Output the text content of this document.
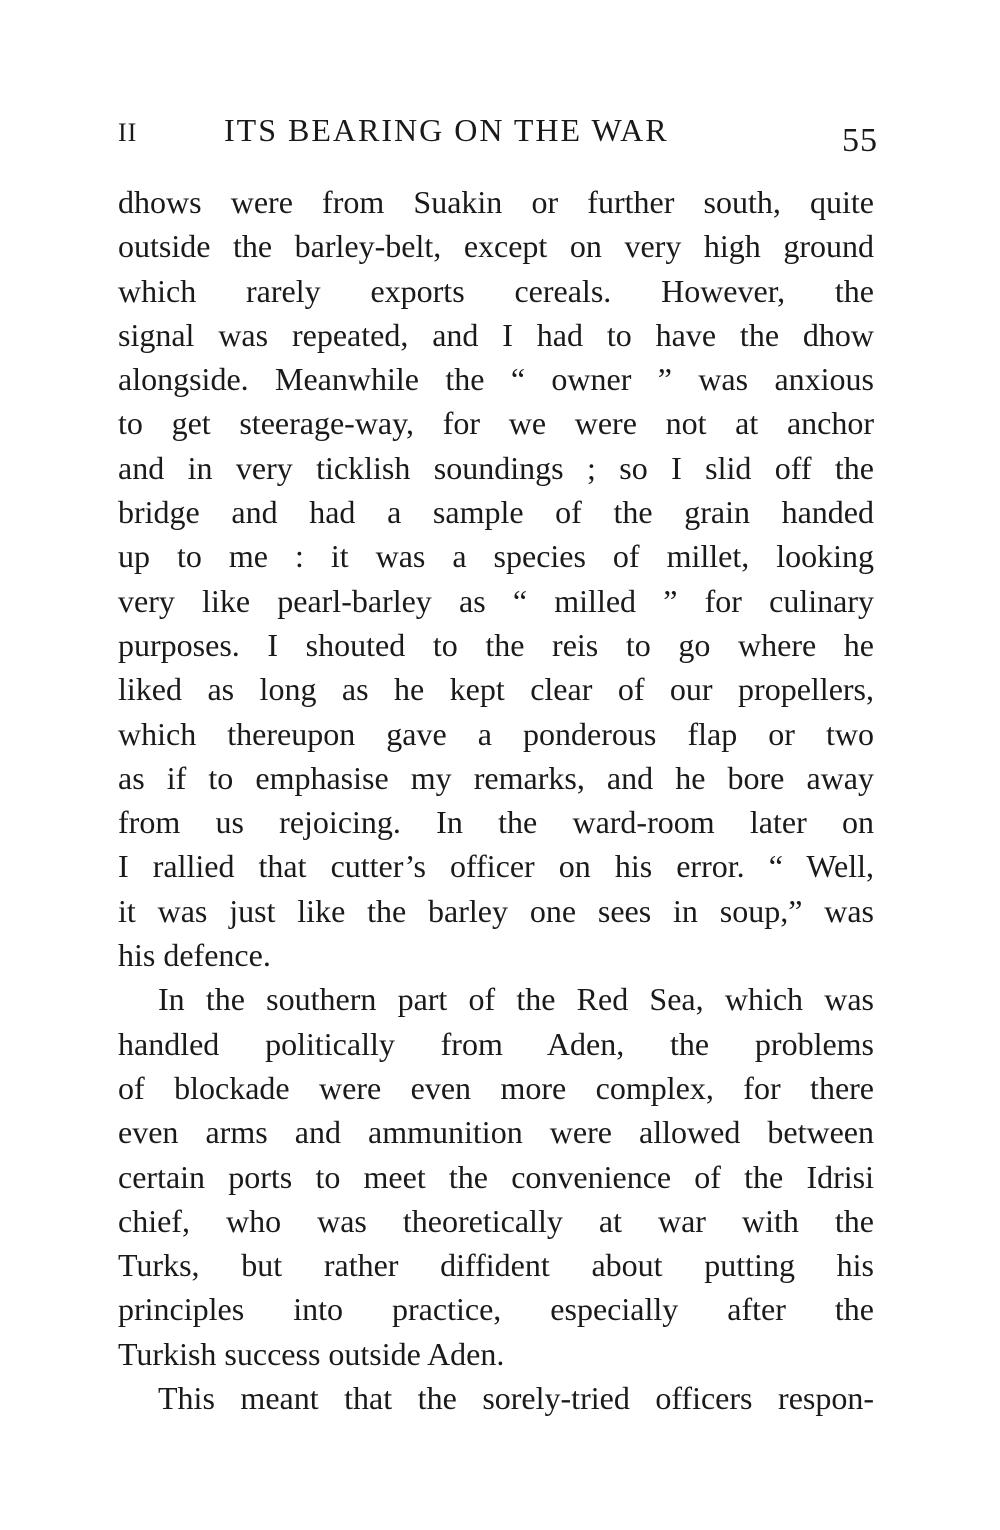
II	ITS BEARING ON THE WAR	55
dhows were from Suakin or further south, quite
outside the barley-belt, except on very high ground
which rarely exports cereals. However, the
signal was repeated, and I had to have the dhow
alongside. Meanwhile the “ owner ” was anxious
to get steerage-way, for we were not at anchor
and in very ticklish soundings ; so I slid off the
bridge and had a sample of the grain handed
up to me : it was a species of millet, looking
very like pearl-barley as “ milled ” for culinary
purposes. I shouted to the reis to go where he
liked as long as he kept clear of our propellers,
which thereupon gave a ponderous flap or two
as if to emphasise my remarks, and he bore away
from us rejoicing. In the ward-room later on
I rallied that cutter’s officer on his error. “ Well,
it was just like the barley one sees in soup,” was
his defence.
In the southern part of the Red Sea, which was
handled politically from Aden, the problems
of blockade were even more complex, for there
even arms and ammunition were allowed between
certain ports to meet the convenience of the Idrisi
chief, who was theoretically at war with the
Turks, but rather diffident about putting his
principles into practice, especially after the
Turkish success outside Aden.
This meant that the sorely-tried officers respon-
